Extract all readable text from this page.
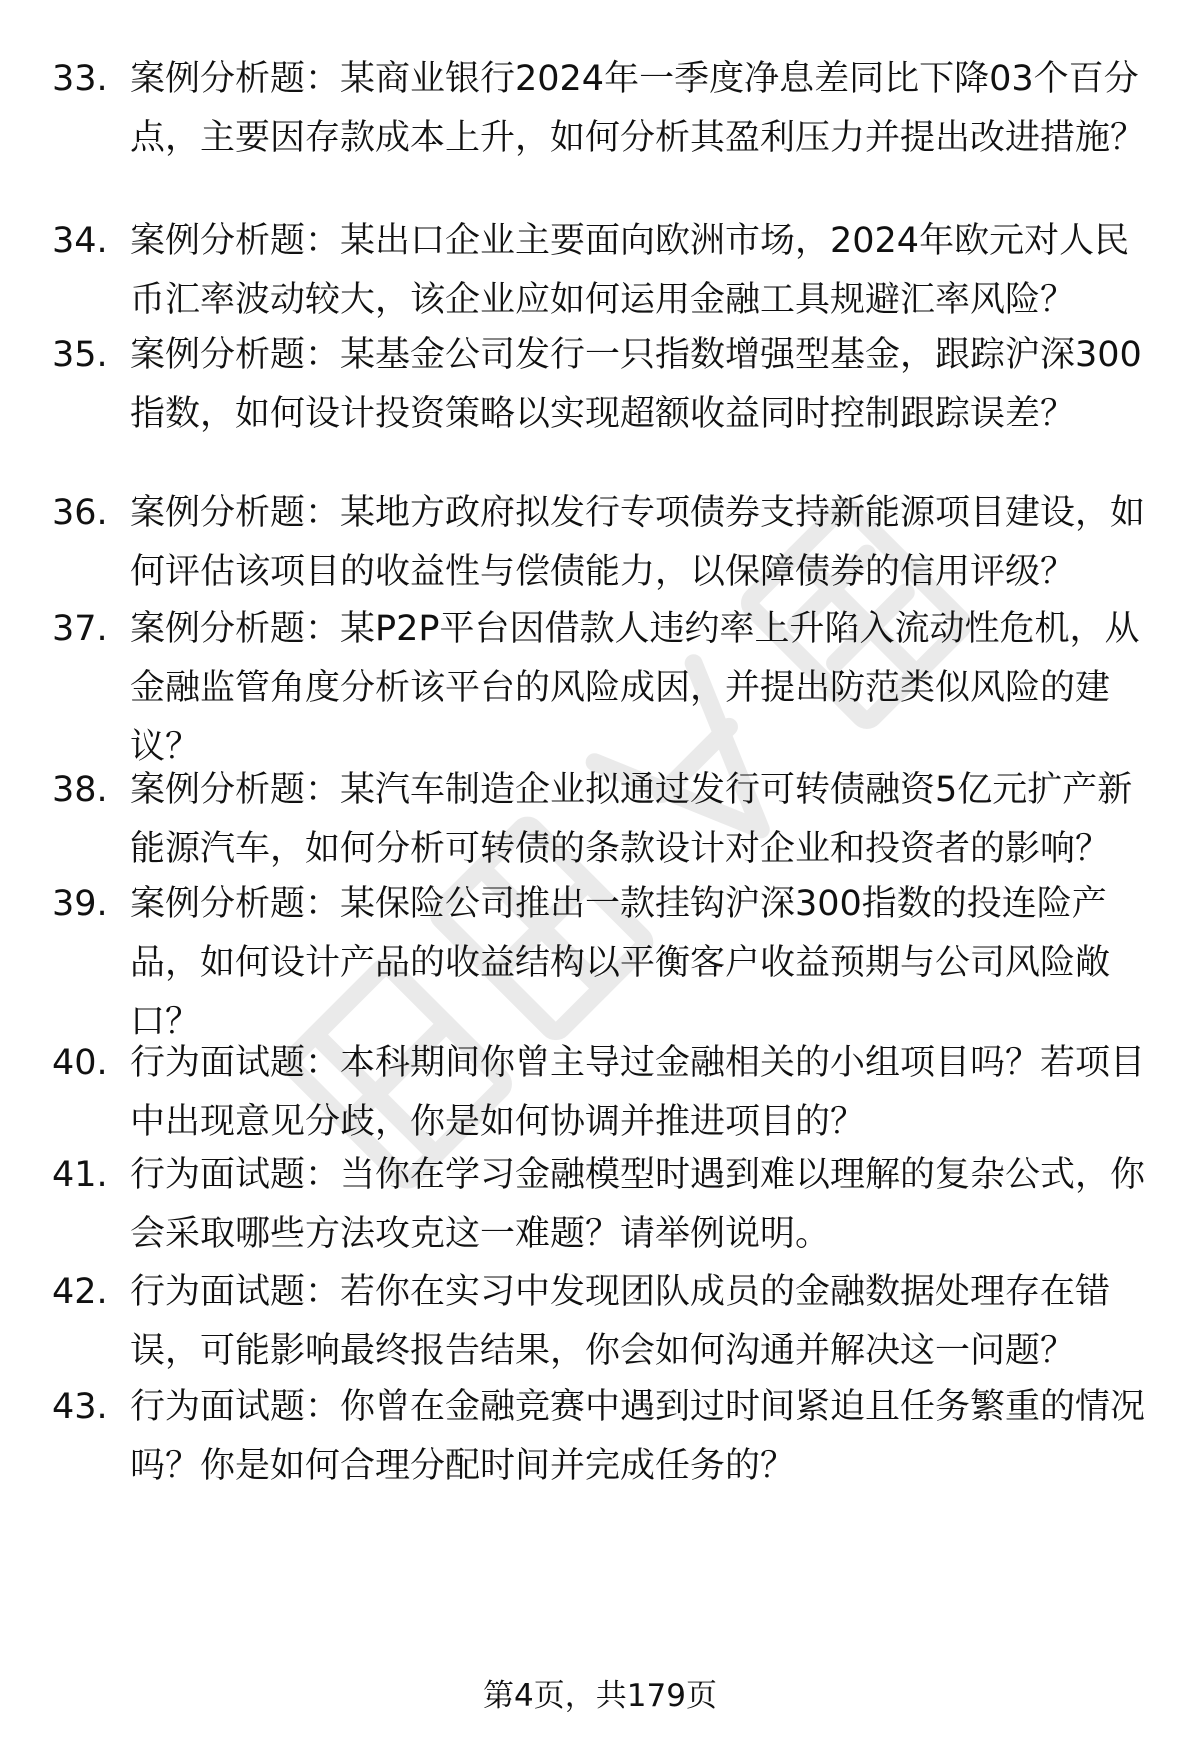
33. 案例分析题：某商业银行2024年一季度净息差同比下降03个百分点，主要因存款成本上升，如何分析其盈利压力并提出改进措施？
34. 案例分析题：某出口企业主要面向欧洲市场，2024年欧元对人民币汇率波动较大，该企业应如何运用金融工具规避汇率风险？
35. 案例分析题：某基金公司发行一只指数增强型基金，跟踪沪深300指数，如何设计投资策略以实现超额收益同时控制跟踪误差？
36. 案例分析题：某地方政府拟发行专项债券支持新能源项目建设，如何评估该项目的收益性与偿债能力，以保障债券的信用评级？
37. 案例分析题：某P2P平台因借款人违约率上升陷入流动性危机，从金融监管角度分析该平台的风险成因，并提出防范类似风险的建议？
38. 案例分析题：某汽车制造企业拟通过发行可转债融资5亿元扩产新能源汽车，如何分析可转债的条款设计对企业和投资者的影响？
39. 案例分析题：某保险公司推出一款挂钩沪深300指数的投连险产品，如何设计产品的收益结构以平衡客户收益预期与公司风险敞口？
40. 行为面试题：本科期间你曾主导过金融相关的小组项目吗？若项目中出现意见分歧，你是如何协调并推进项目的？
41. 行为面试题：当你在学习金融模型时遇到难以理解的复杂公式，你会采取哪些方法攻克这一难题？请举例说明。
42. 行为面试题：若你在实习中发现团队成员的金融数据处理存在错误，可能影响最终报告结果，你会如何沟通并解决这一问题？
43. 行为面试题：你曾在金融竞赛中遇到过时间紧迫且任务繁重的情况吗？你是如何合理分配时间并完成任务的？
第4页，共179页
